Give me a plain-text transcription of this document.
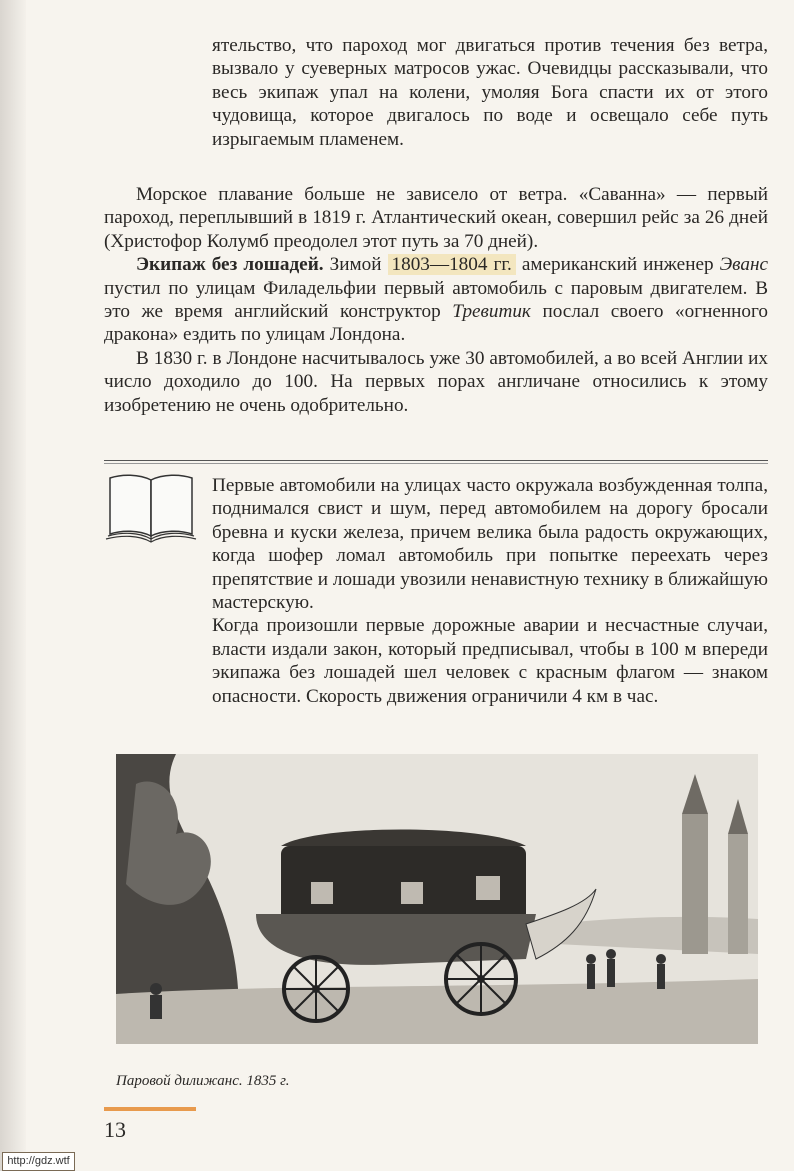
ятельство, что пароход мог двигаться против течения без ветра, вызвало у суеверных матросов ужас. Очевидцы рассказывали, что весь экипаж упал на колени, умоляя Бога спасти их от этого чудовища, которое двигалось по воде и освещало себе путь изрыгаемым пламенем.

Морское плавание больше не зависело от ветра. «Саванна» — первый пароход, переплывший в 1819 г. Атлантический океан, совершил рейс за 26 дней (Христофор Колумб преодолел этот путь за 70 дней).

Экипаж без лошадей. Зимой 1803—1804 гг. американский инженер Эванс пустил по улицам Филадельфии первый автомобиль с паровым двигателем. В это же время английский конструктор Тревитик послал своего «огненного дракона» ездить по улицам Лондона.

В 1830 г. в Лондоне насчитывалось уже 30 автомобилей, а во всей Англии их число доходило до 100. На первых порах англичане относились к этому изобретению не очень одобрительно.

Первые автомобили на улицах часто окружала возбужденная толпа, поднимался свист и шум, перед автомобилем на дорогу бросали бревна и куски железа, причем велика была радость окружающих, когда шофер ломал автомобиль при попытке переехать через препятствие и лошади увозили ненавистную технику в ближайшую мастерскую.

Когда произошли первые дорожные аварии и несчастные случаи, власти издали закон, который предписывал, чтобы в 100 м впереди экипажа без лошадей шел человек с красным флагом — знаком опасности. Скорость движения ограничили 4 км в час.

Паровой дилижанс. 1835 г.
13
http://gdz.wtf
